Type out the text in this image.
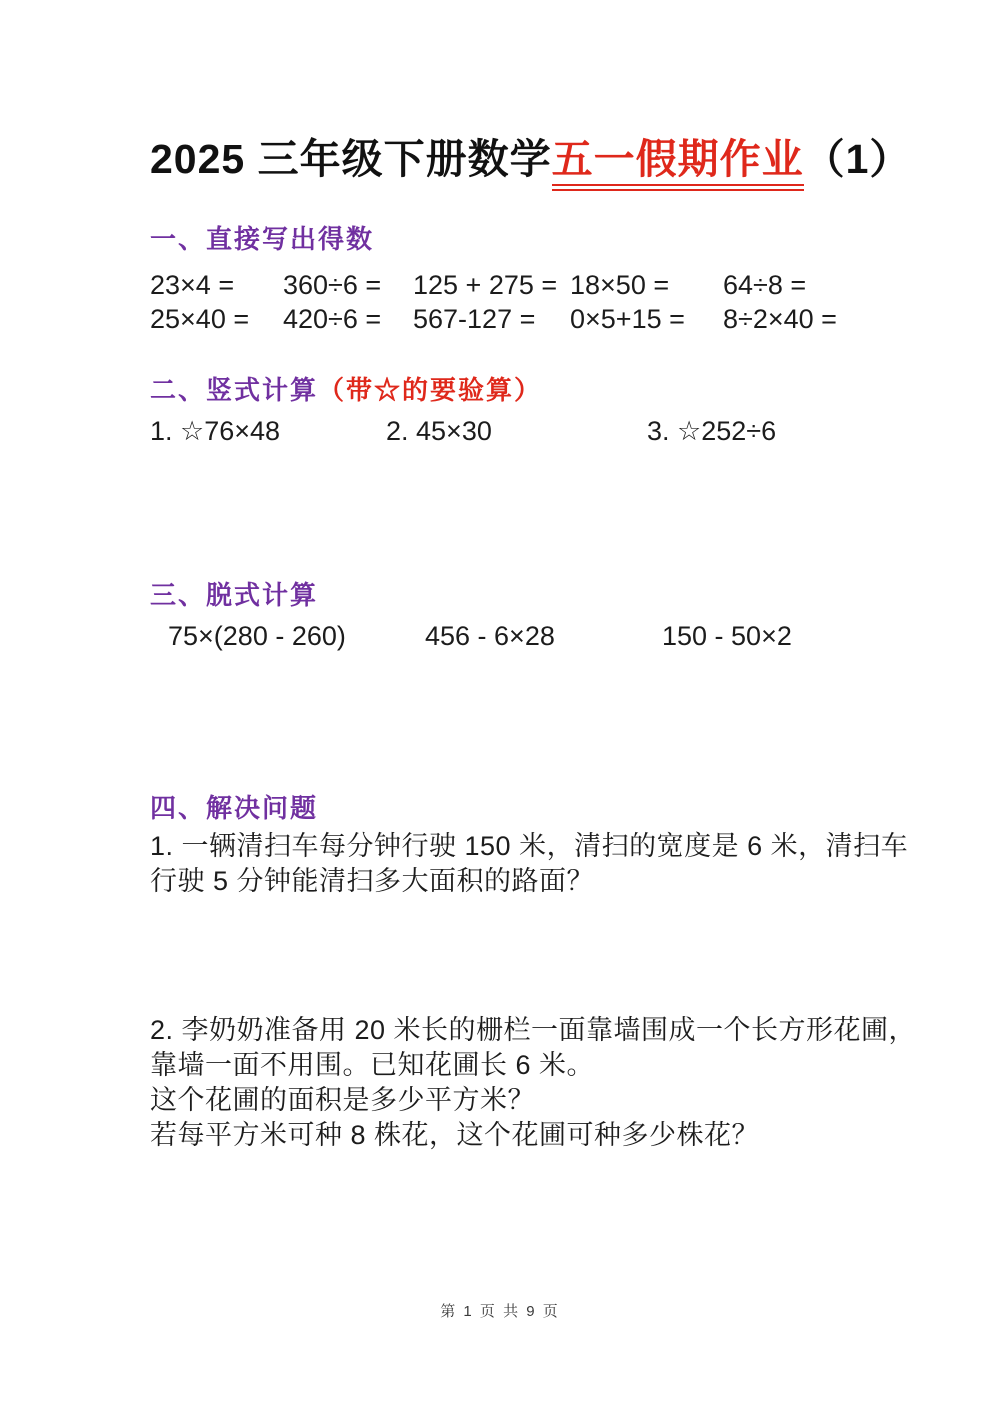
2025 三年级下册数学五一假期作业（1）
一、直接写出得数
23×4 =	360÷6 =	125 + 275 = 18×50 =	64÷8 =
25×40 =	420÷6 =	567-127 =	0×5+15 =	8÷2×40 =
二、竖式计算（带☆的要验算）
1. ☆76×48	2. 45×30	3. ☆252÷6
三、脱式计算
75×(280 - 260)	456 - 6×28	150 - 50×2
四、解决问题
1. 一辆清扫车每分钟行驶 150 米，清扫的宽度是 6 米，清扫车
行驶 5 分钟能清扫多大面积的路面？
2. 李奶奶准备用 20 米长的栅栏一面靠墙围成一个长方形花圃，
靠墙一面不用围。已知花圃长 6 米。
这个花圃的面积是多少平方米？
若每平方米可种 8 株花，这个花圃可种多少株花？
第 1 页 共 9 页
